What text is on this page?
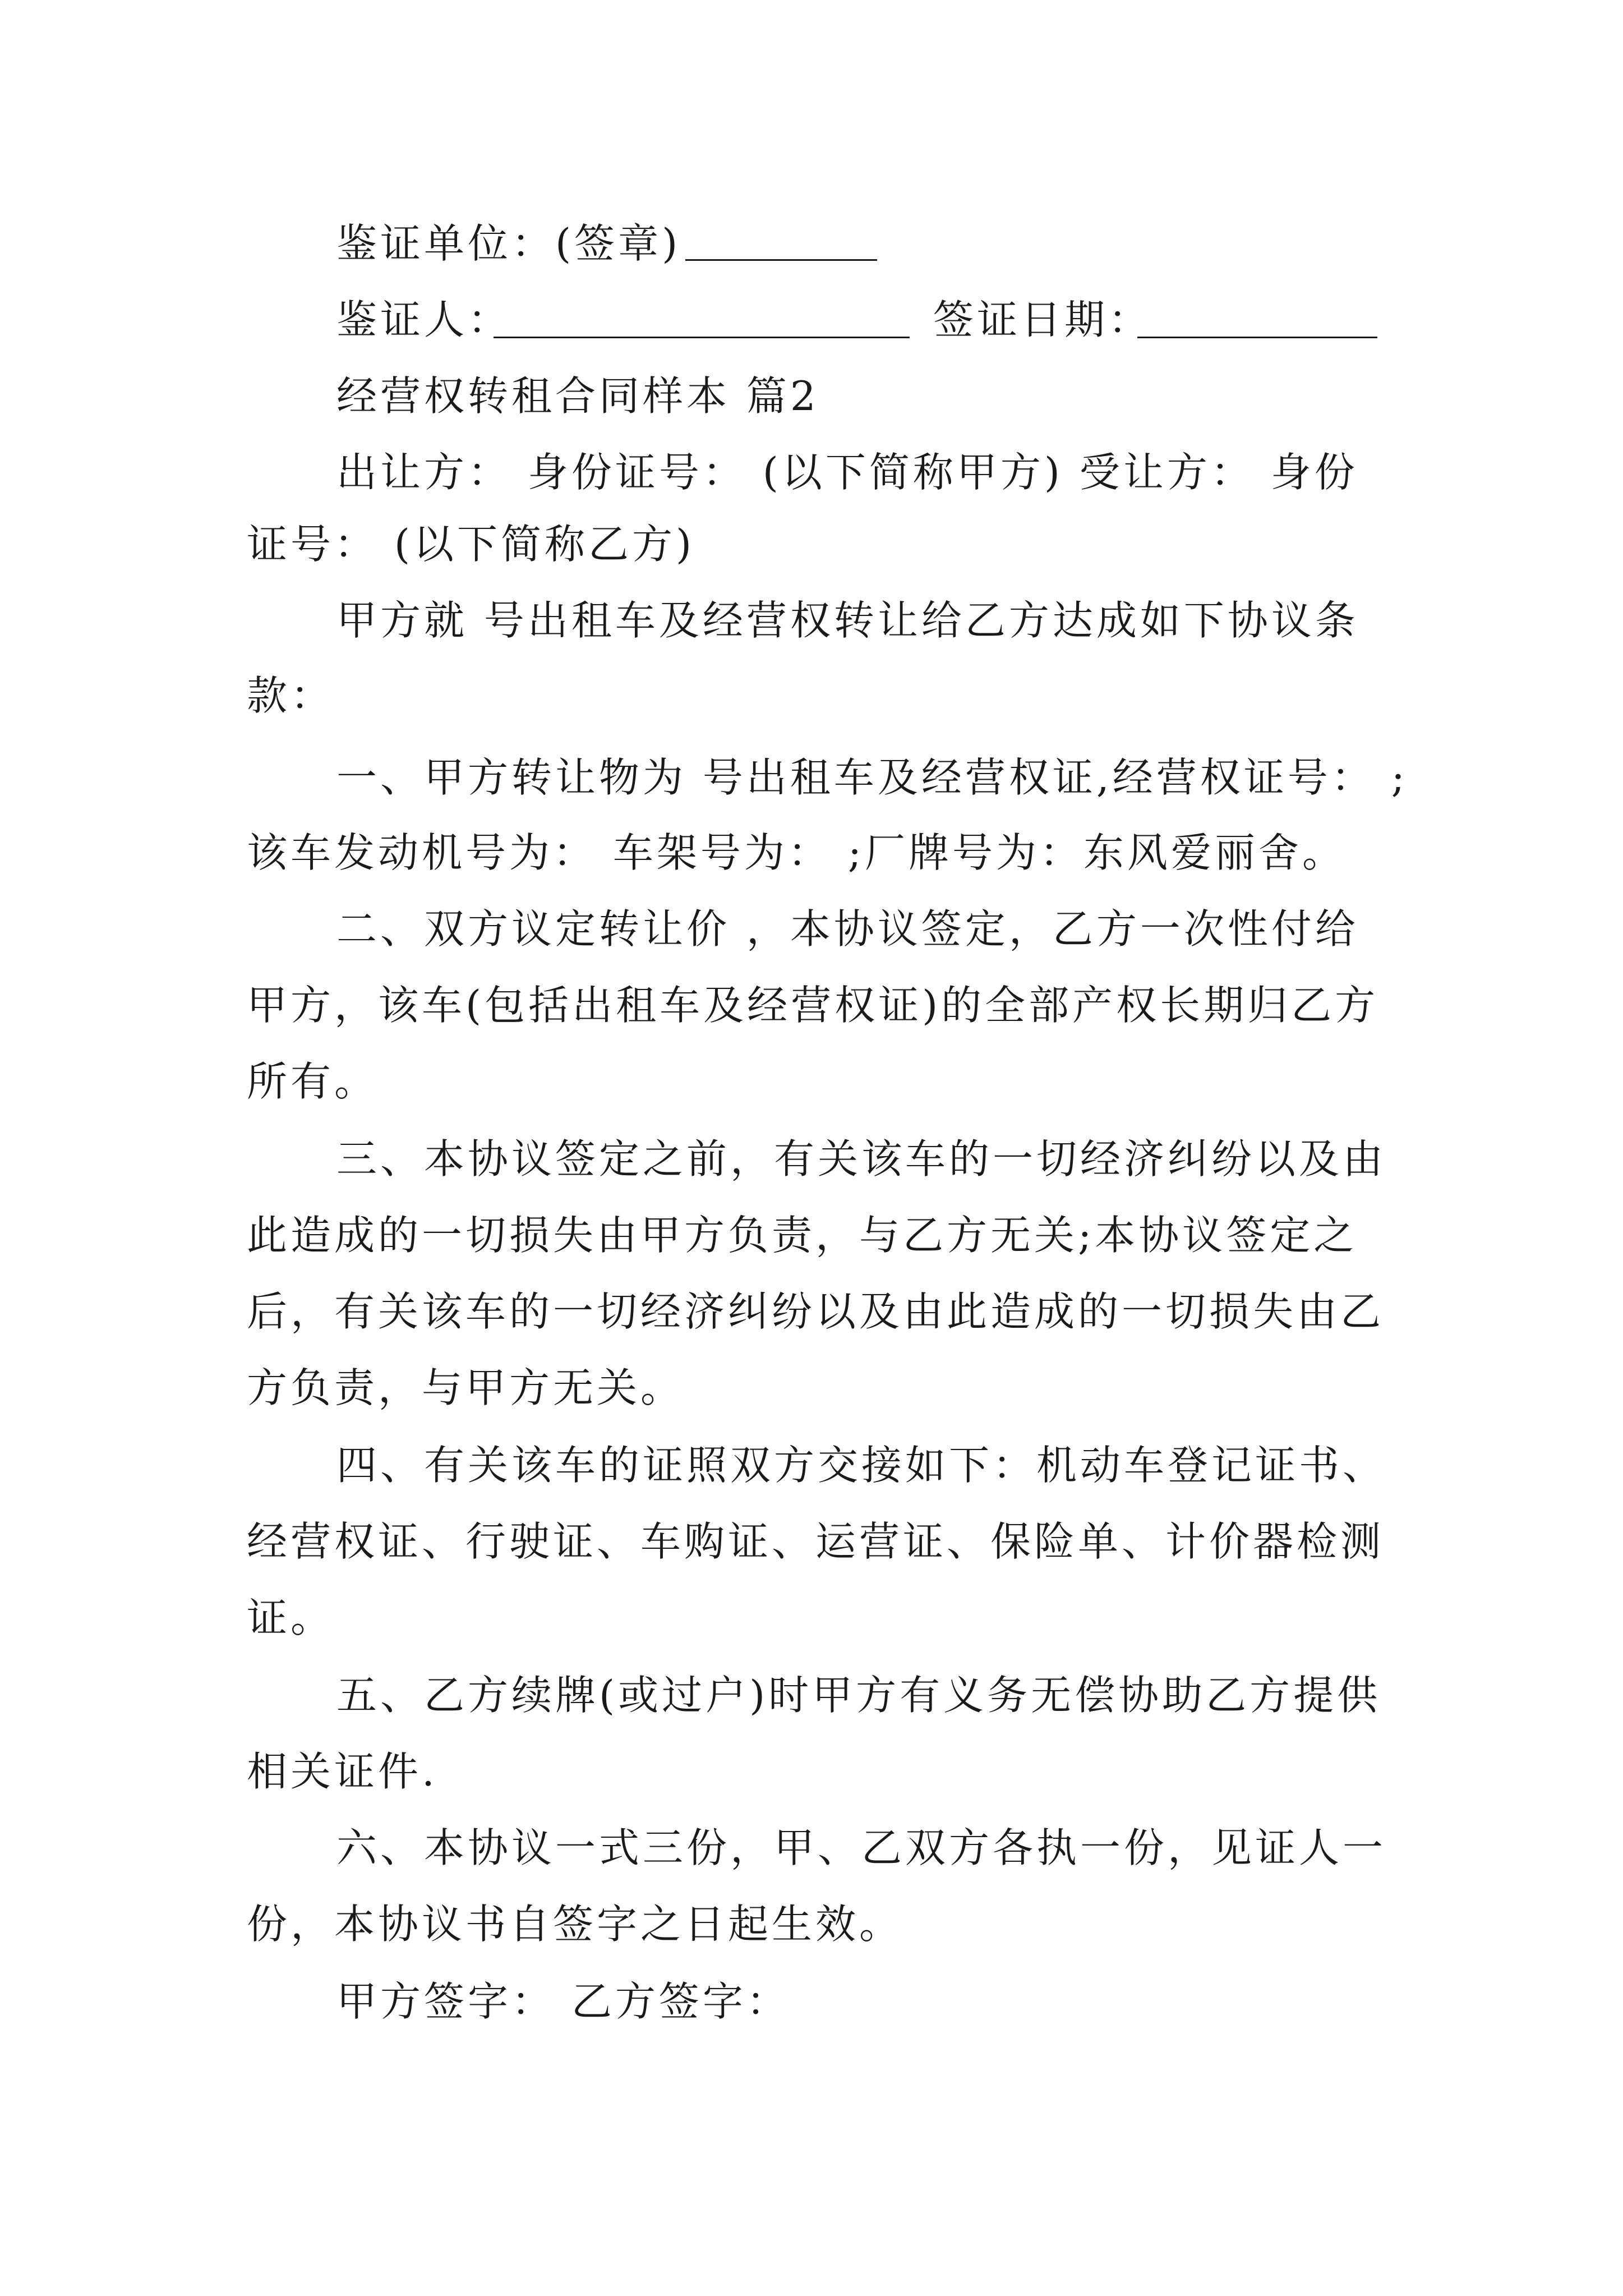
鉴证单位：(签章)
鉴证人：	签证日期：
经营权转租合同样本 篇2
出让方： 身份证号： (以下简称甲方) 受让方： 身份
证号： (以下简称乙方)
甲方就 号出租车及经营权转让给乙方达成如下协议条
款：
一、甲方转让物为 号出租车及经营权证,经营权证号： ;
该车发动机号为： 车架号为： ;厂牌号为：东风爱丽舍。
二、双方议定转让价 ，本协议签定，乙方一次性付给
甲方，该车(包括出租车及经营权证)的全部产权长期归乙方
所有。
三、本协议签定之前，有关该车的一切经济纠纷以及由
此造成的一切损失由甲方负责，与乙方无关;本协议签定之
后，有关该车的一切经济纠纷以及由此造成的一切损失由乙
方负责，与甲方无关。
四、有关该车的证照双方交接如下：机动车登记证书、
经营权证、行驶证、车购证、运营证、保险单、计价器检测
证。
五、乙方续牌(或过户)时甲方有义务无偿协助乙方提供
相关证件.
六、本协议一式三份，甲、乙双方各执一份，见证人一
份，本协议书自签字之日起生效。
甲方签字： 乙方签字：
